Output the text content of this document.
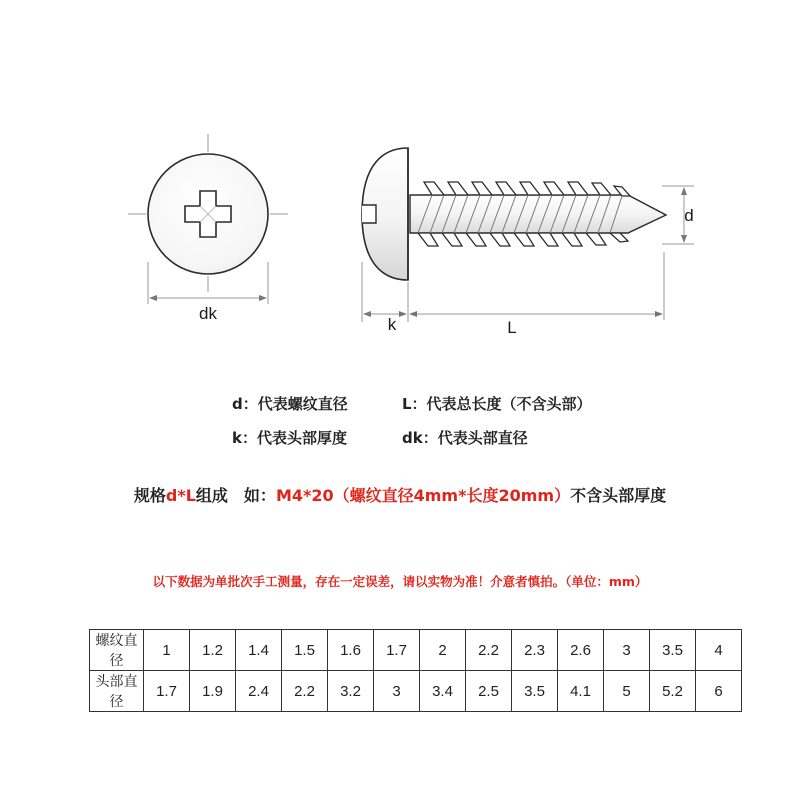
dk
d
k	L
d：代表螺纹直径	L：代表总长度（不含头部）
k：代表头部厚度	dk：代表头部直径
规格d*L组成　如：M4*20（螺纹直径4mm*长度20mm）不含头部厚度
以下数据为单批次手工测量，存在一定误差，请以实物为准！介意者慎拍。（单位：mm）
螺纹直径	1	1.2	1.4	1.5	1.6	1.7	2	2.2	2.3	2.6	3	3.5	4
头部直径	1.7	1.9	2.4	2.2	3.2	3	3.4	2.5	3.5	4.1	5	5.2	6
